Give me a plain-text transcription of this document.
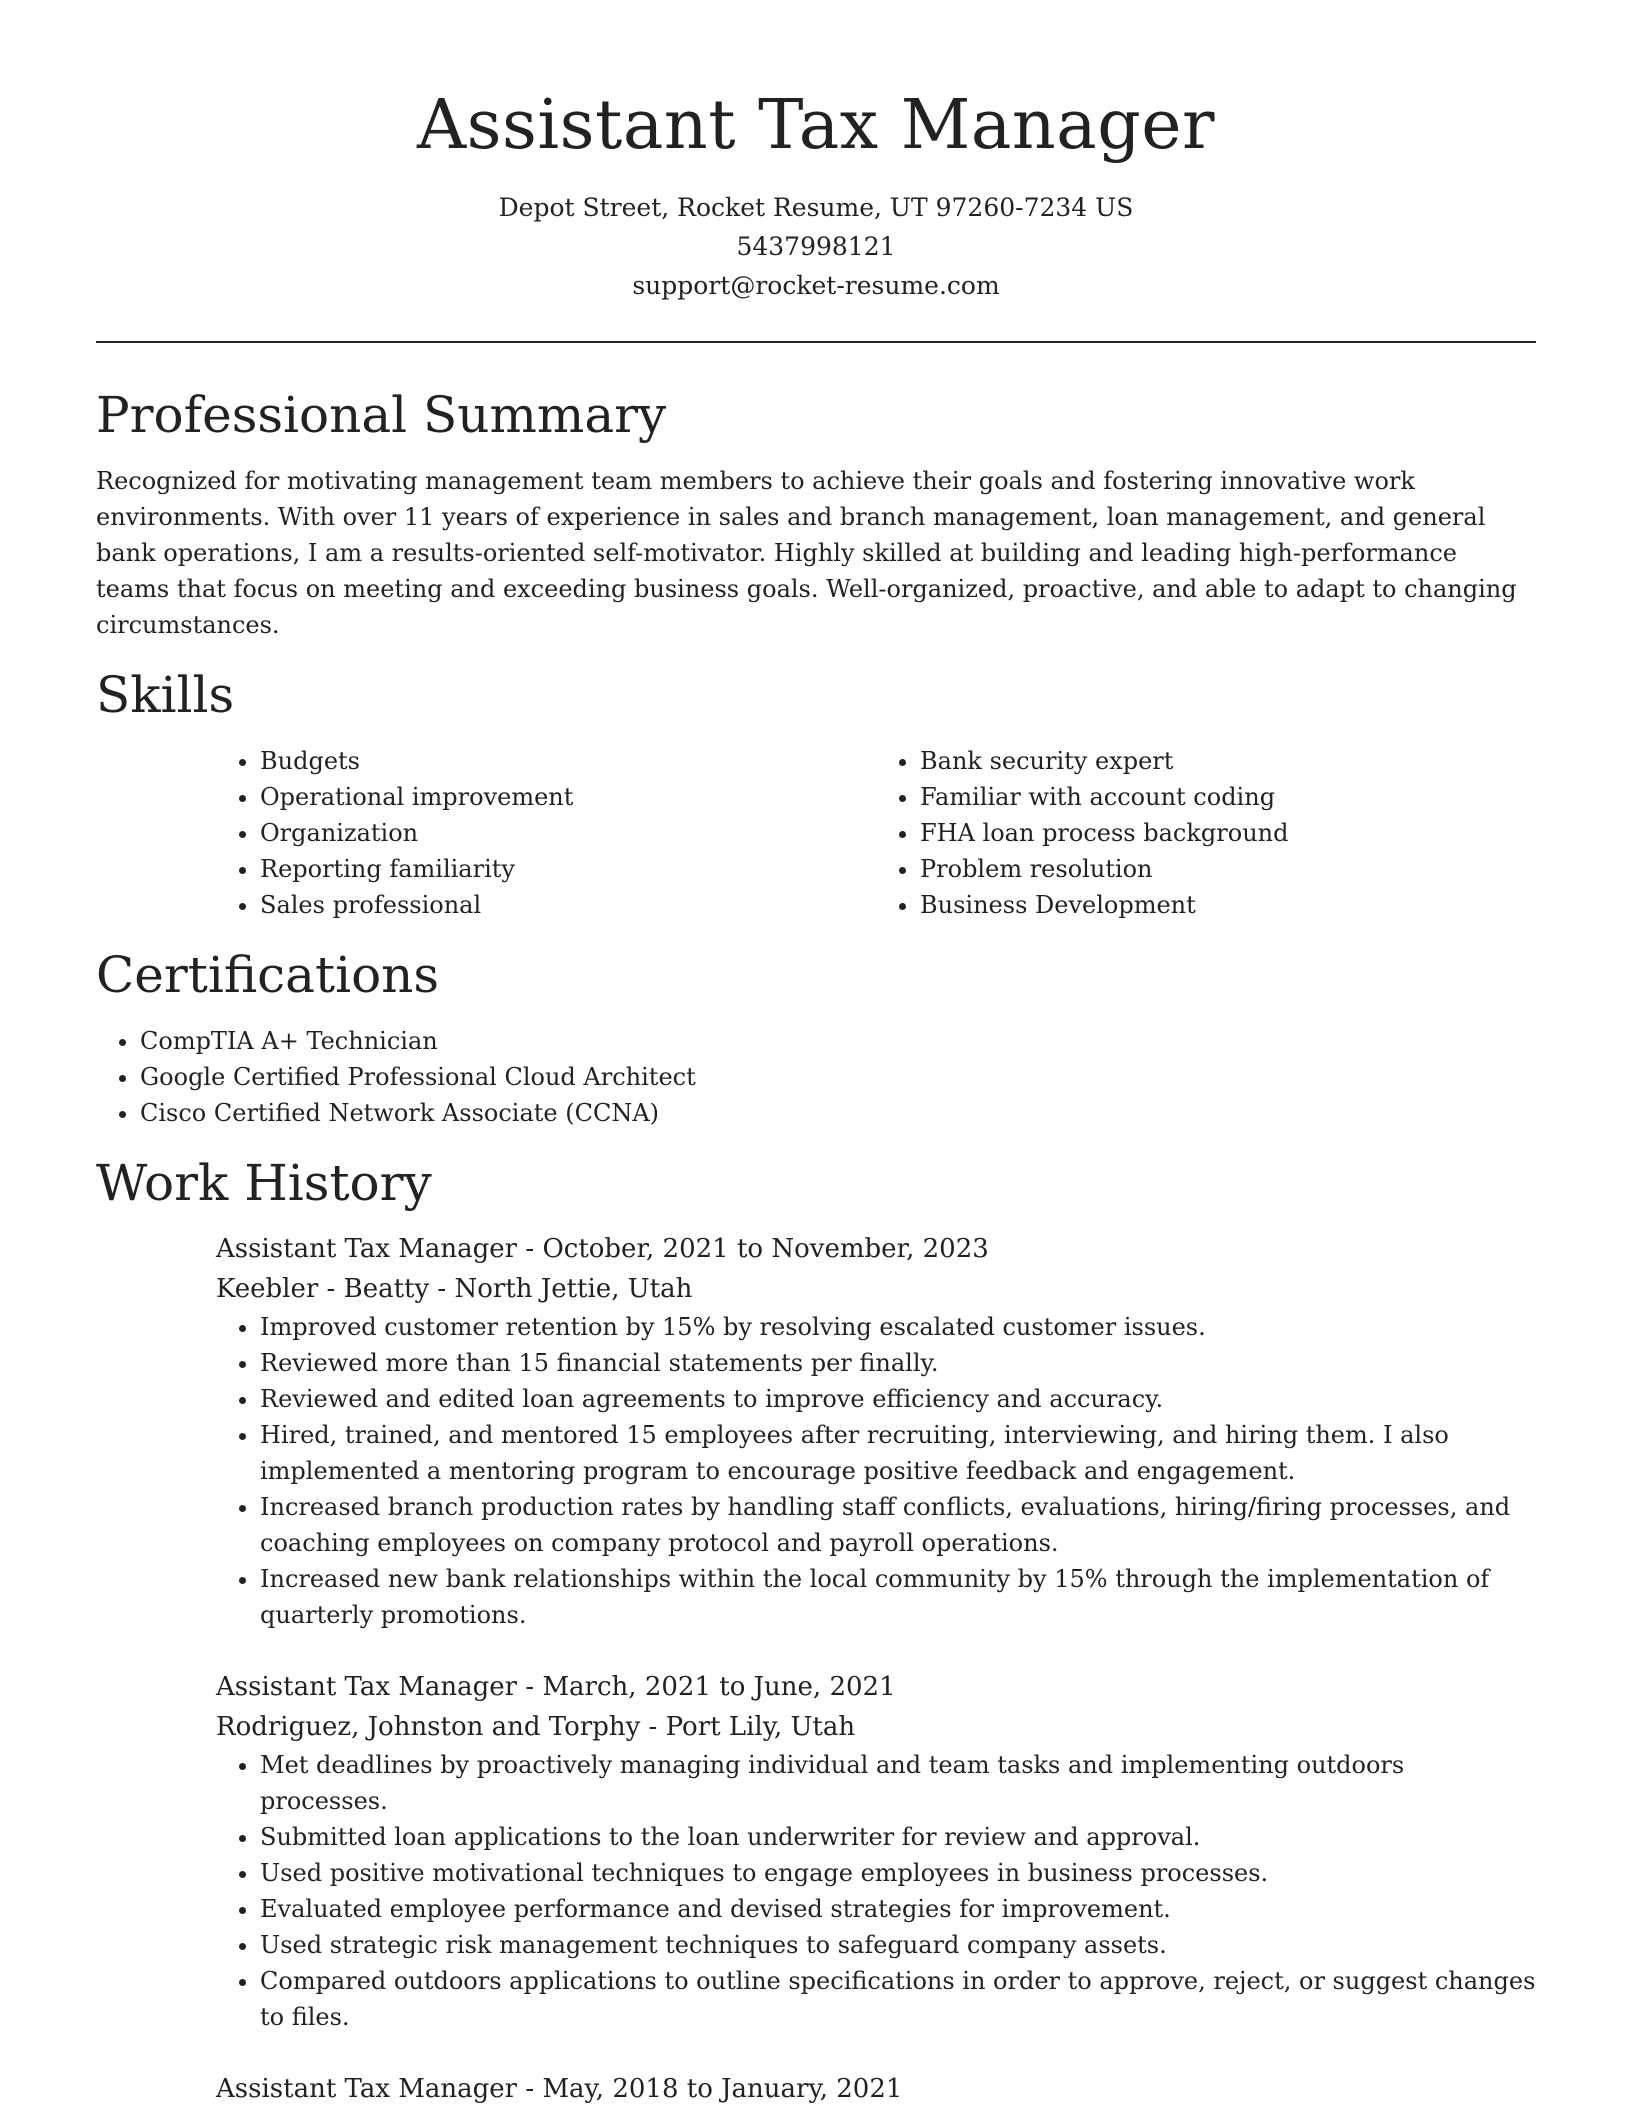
Assistant Tax Manager
Depot Street, Rocket Resume, UT 97260-7234 US
5437998121
support@rocket-resume.com
Professional Summary

Recognized for motivating management team members to achieve their goals and fostering innovative work environments. With over 11 years of experience in sales and branch management, loan management, and general bank operations, I am a results-oriented self-motivator. Highly skilled at building and leading high-performance teams that focus on meeting and exceeding business goals. Well-organized, proactive, and able to adapt to changing circumstances.

Skills
• Budgets
• Operational improvement
• Organization
• Reporting familiarity
• Sales professional
• Bank security expert
• Familiar with account coding
• FHA loan process background
• Problem resolution
• Business Development
Certifications
• CompTIA A+ Technician
• Google Certified Professional Cloud Architect
• Cisco Certified Network Associate (CCNA)
Work History

Assistant Tax Manager - October, 2021 to November, 2023

Keebler - Beatty - North Jettie, Utah

• Improved customer retention by 15% by resolving escalated customer issues.
• Reviewed more than 15 financial statements per finally.
• Reviewed and edited loan agreements to improve efficiency and accuracy.
• Hired, trained, and mentored 15 employees after recruiting, interviewing, and hiring them. I also implemented a mentoring program to encourage positive feedback and engagement.
• Increased branch production rates by handling staff conflicts, evaluations, hiring/firing processes, and coaching employees on company protocol and payroll operations.
• Increased new bank relationships within the local community by 15% through the implementation of quarterly promotions.

Assistant Tax Manager - March, 2021 to June, 2021

Rodriguez, Johnston and Torphy - Port Lily, Utah

• Met deadlines by proactively managing individual and team tasks and implementing outdoors processes.
• Submitted loan applications to the loan underwriter for review and approval.
• Used positive motivational techniques to engage employees in business processes.
• Evaluated employee performance and devised strategies for improvement.
• Used strategic risk management techniques to safeguard company assets.
• Compared outdoors applications to outline specifications in order to approve, reject, or suggest changes to files.

Assistant Tax Manager - May, 2018 to January, 2021
